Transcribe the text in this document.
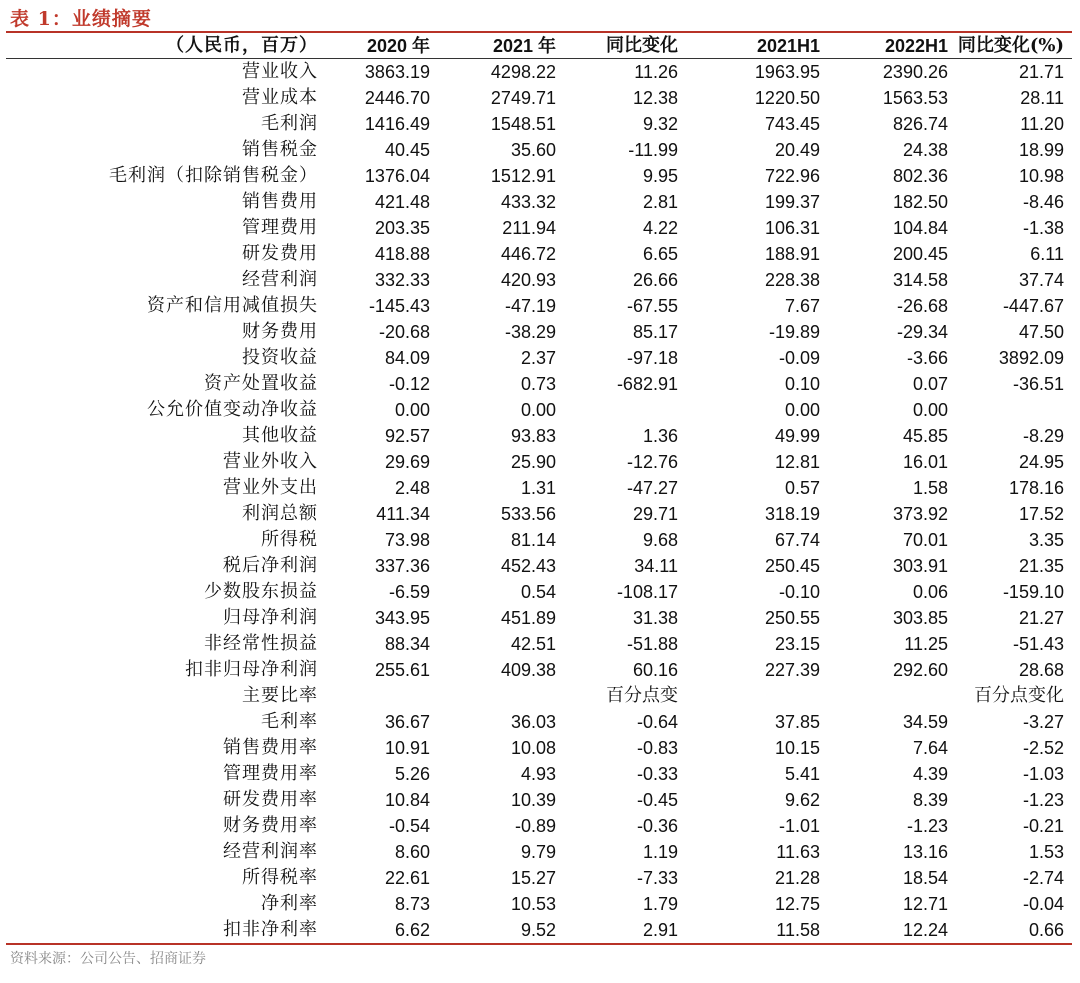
表 1：业绩摘要
（人民币，百万）	2020 年	2021 年	同比变化	2021H1	2022H1	同比变化(%)
营业收入	3863.19	4298.22	11.26	1963.95	2390.26	21.71
营业成本	2446.70	2749.71	12.38	1220.50	1563.53	28.11
毛利润	1416.49	1548.51	9.32	743.45	826.74	11.20
销售税金	40.45	35.60	-11.99	20.49	24.38	18.99
毛利润（扣除销售税金）	1376.04	1512.91	9.95	722.96	802.36	10.98
销售费用	421.48	433.32	2.81	199.37	182.50	-8.46
管理费用	203.35	211.94	4.22	106.31	104.84	-1.38
研发费用	418.88	446.72	6.65	188.91	200.45	6.11
经营利润	332.33	420.93	26.66	228.38	314.58	37.74
资产和信用减值损失	-145.43	-47.19	-67.55	7.67	-26.68	-447.67
财务费用	-20.68	-38.29	85.17	-19.89	-29.34	47.50
投资收益	84.09	2.37	-97.18	-0.09	-3.66	3892.09
资产处置收益	-0.12	0.73	-682.91	0.10	0.07	-36.51
公允价值变动净收益	0.00	0.00		0.00	0.00	
其他收益	92.57	93.83	1.36	49.99	45.85	-8.29
营业外收入	29.69	25.90	-12.76	12.81	16.01	24.95
营业外支出	2.48	1.31	-47.27	0.57	1.58	178.16
利润总额	411.34	533.56	29.71	318.19	373.92	17.52
所得税	73.98	81.14	9.68	67.74	70.01	3.35
税后净利润	337.36	452.43	34.11	250.45	303.91	21.35
少数股东损益	-6.59	0.54	-108.17	-0.10	0.06	-159.10
归母净利润	343.95	451.89	31.38	250.55	303.85	21.27
非经常性损益	88.34	42.51	-51.88	23.15	11.25	-51.43
扣非归母净利润	255.61	409.38	60.16	227.39	292.60	28.68
主要比率			百分点变			百分点变化
毛利率	36.67	36.03	-0.64	37.85	34.59	-3.27
销售费用率	10.91	10.08	-0.83	10.15	7.64	-2.52
管理费用率	5.26	4.93	-0.33	5.41	4.39	-1.03
研发费用率	10.84	10.39	-0.45	9.62	8.39	-1.23
财务费用率	-0.54	-0.89	-0.36	-1.01	-1.23	-0.21
经营利润率	8.60	9.79	1.19	11.63	13.16	1.53
所得税率	22.61	15.27	-7.33	21.28	18.54	-2.74
净利率	8.73	10.53	1.79	12.75	12.71	-0.04
扣非净利率	6.62	9.52	2.91	11.58	12.24	0.66
资料来源：公司公告、招商证券
